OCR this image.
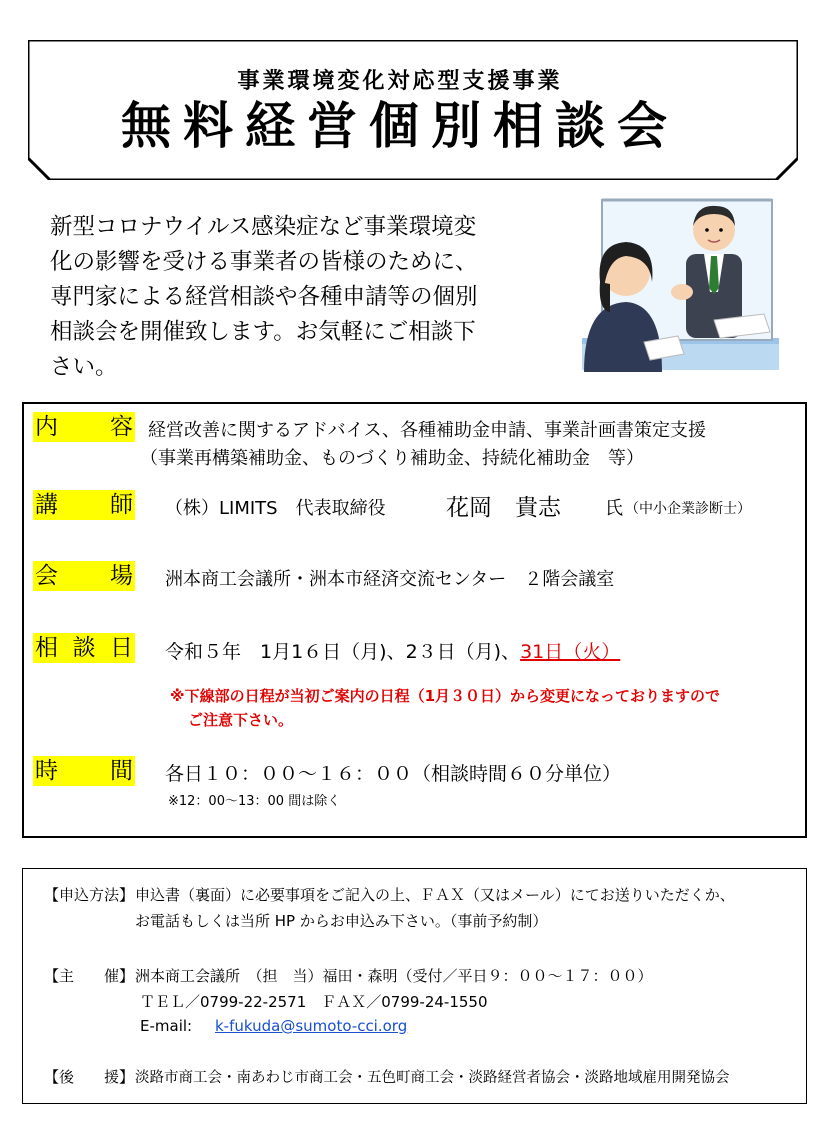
事業環境変化対応型支援事業
無料経営個別相談会
新型コロナウイルス感染症など事業環境変
化の影響を受ける事業者の皆様のために、
専門家による経営相談や各種申請等の個別
相談会を開催致します。お気軽にご相談下
さい。
内 容 経営改善に関するアドバイス、各種補助金申請、事業計画書策定支援
（事業再構築補助金、ものづくり補助金、持続化補助金　等）
講 師 （株）LIMITS　代表取締役	花岡　貴志 氏 （中小企業診断士）
会 場 洲本商工会議所・洲本市経済交流センター　２階会議室
相 談 日 令和５年　1月1６日（月)、2３日（月)、31日（火）
※下線部の日程が当初ご案内の日程（1月３０日）から変更になっておりますので
ご注意下さい。
時 間 各日１０：００～１６：００（相談時間６０分単位）
※12：00～13：00 間は除く
【申込方法】 申込書（裏面）に必要事項をご記入の上、ＦＡＸ（又はメール）にてお送りいただくか、
お電話もしくは当所 HP からお申込み下さい。（事前予約制）
【主　　催】 洲本商工会議所　（担　当）福田・森明（受付／平日９：００～１７：００）
ＴＥＬ／0799-22-2571　ＦＡＸ／0799-24-1550
E-mail: k-fukuda@sumoto-cci.org
【後　　援】 淡路市商工会・南あわじ市商工会・五色町商工会・淡路経営者協会・淡路地域雇用開発協会
